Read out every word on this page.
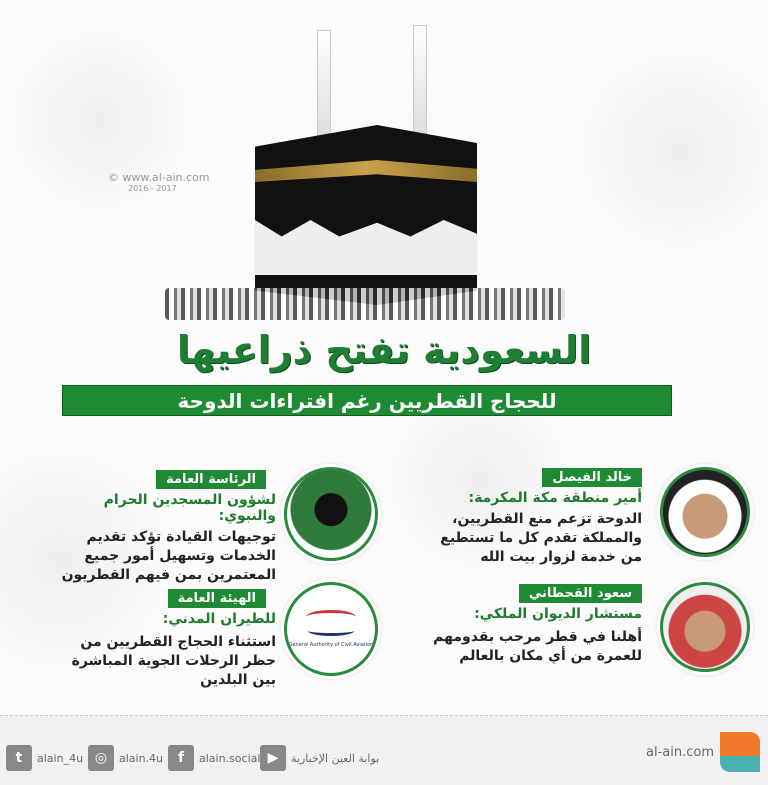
© www.al-ain.com
2016 - 2017
السعودية تفتح ذراعيها
للحجاج القطريين رغم افتراءات الدوحة
خالد الفيصل
أمير منطقة مكة المكرمة:
الدوحة تزعم منع القطريين،
والمملكة تقدم كل ما تستطيع
من خدمة لزوار بيت الله
سعود القحطاني
مستشار الديوان الملكي:
أهلنا في قطر مرحب بقدومهم
للعمرة من أي مكان بالعالم
الرئاسة العامة
لشؤون المسجدين الحرام والنبوي:
توجيهات القيادة تؤكد تقديم
الخدمات وتسهيل أمور جميع
المعتمرين بمن فيهم القطريون
الهيئة العامة
للطيران المدني:
استثناء الحجاج القطريين من
حظر الرحلات الجوية المباشرة
بين البلدين
General Authority of Civil Aviation
t	alain_4u ◎	alain.4u	f	alain.social ▶	بوابة العين الإخبارية	al-ain.com
